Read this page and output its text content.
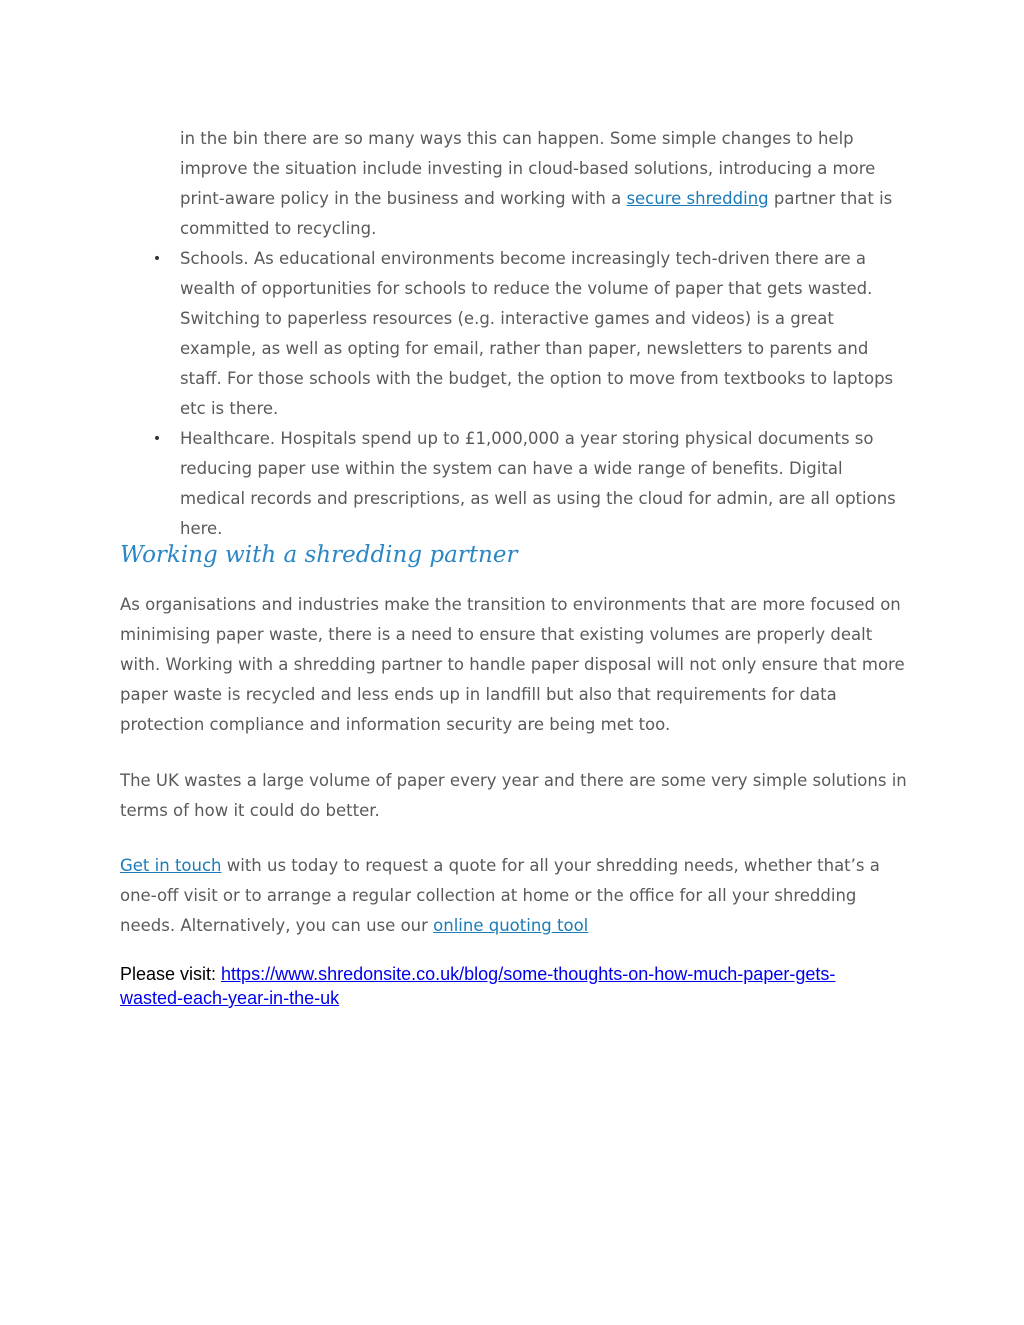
in the bin there are so many ways this can happen. Some simple changes to help improve the situation include investing in cloud-based solutions, introducing a more print-aware policy in the business and working with a secure shredding partner that is committed to recycling.

• Schools. As educational environments become increasingly tech-driven there are a wealth of opportunities for schools to reduce the volume of paper that gets wasted. Switching to paperless resources (e.g. interactive games and videos) is a great example, as well as opting for email, rather than paper, newsletters to parents and staff. For those schools with the budget, the option to move from textbooks to laptops etc is there.
• Healthcare. Hospitals spend up to £1,000,000 a year storing physical documents so reducing paper use within the system can have a wide range of benefits. Digital medical records and prescriptions, as well as using the cloud for admin, are all options here.
Working with a shredding partner

As organisations and industries make the transition to environments that are more focused on minimising paper waste, there is a need to ensure that existing volumes are properly dealt with. Working with a shredding partner to handle paper disposal will not only ensure that more paper waste is recycled and less ends up in landfill but also that requirements for data protection compliance and information security are being met too.

The UK wastes a large volume of paper every year and there are some very simple solutions in terms of how it could do better.

Get in touch with us today to request a quote for all your shredding needs, whether that’s a one-off visit or to arrange a regular collection at home or the office for all your shredding needs. Alternatively, you can use our online quoting tool

Please visit: https://www.shredonsite.co.uk/blog/some-thoughts-on-how-much-paper-gets-wasted-each-year-in-the-uk
